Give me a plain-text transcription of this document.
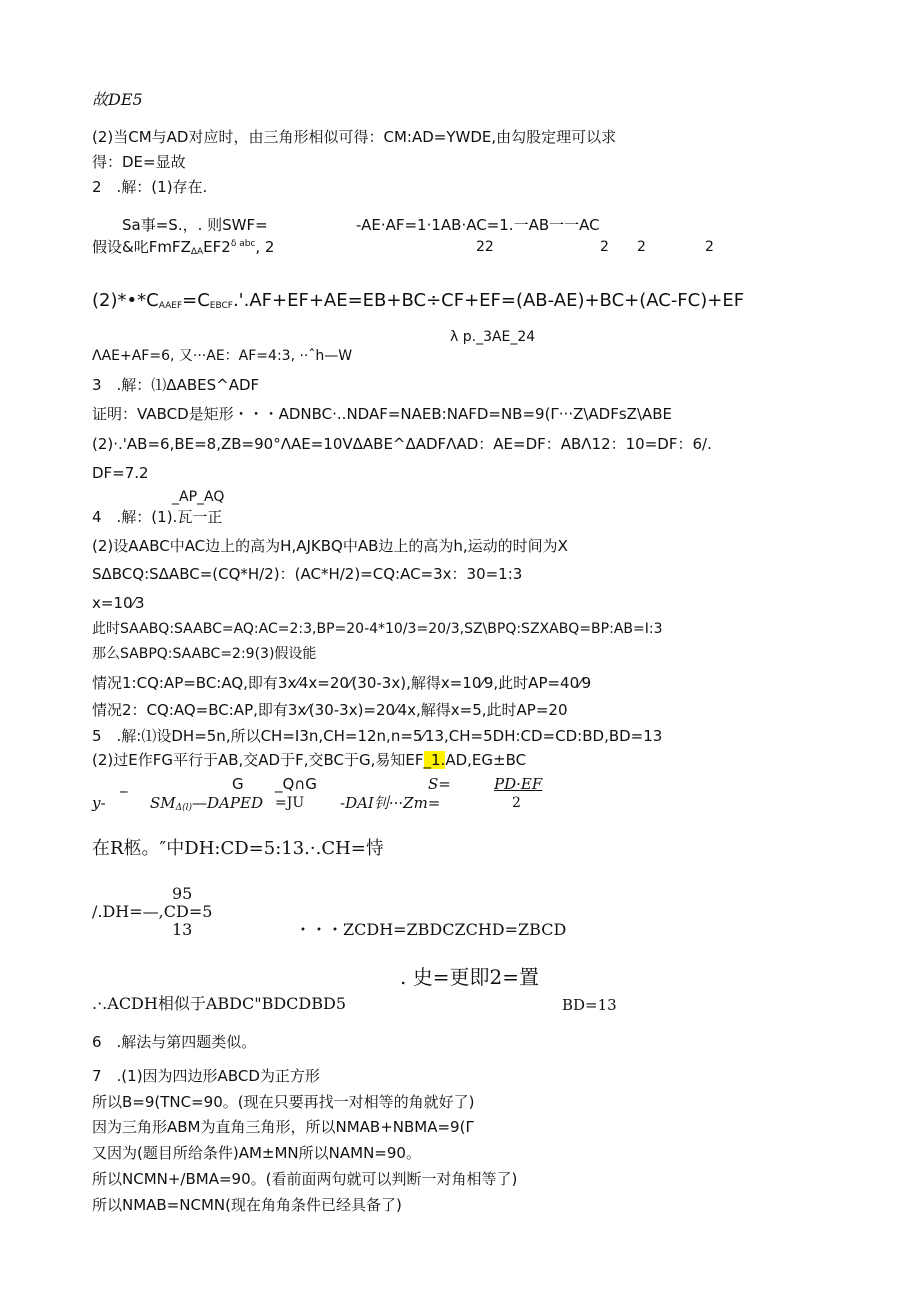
故DE5
(2)当CM与AD对应时，由三角形相似可得：CM:AD=YWDE,由勾股定理可以求
得：DE=显故
2　.解：(1)存在.
Sa事=S.，. 则SWF=	-AE·AF=1·1AB·AC=1.一AB一一AC
假设&叱$FmFZ_{\Delta A}EF2^{\delta abc}$, 2	22	2 2	2
$(2)*•*C_{AAEF}=C_{EBCF}.'.AF+EF+AE=EB+BC\div CF+EF=(AB-AE)+BC+(AC-FC)+EF$
λ p._3AE_24
ΛAE+AF=6, 又···AE：AF=4:3, ··ˆh—W
3　.解：⑴ΔABES^ADF
证明：VABCD是矩形・・・ADNBC·..NDAF=NAEB:NAFD=NB=9(Γ···Z\ADFsZ\ABE
(2)·.'AB=6,BE=8,ZB=90°ΛAE=10VΔABE^ΔADFΛAD：AE=DF：ABΛ12：10=DF：6/.
DF=7.2
_AP_AQ
4　.解：(1).瓦一正
(2)设AABC中AC边上的高为H,AJKBQ中AB边上的高为h,运动的时间为X
SΔBCQ:SΔABC=(CQ*H/2)：(AC*H/2)=CQ:AC=3x：30=1:3
x=10⁄3
此时SAABQ:SAABC=AQ:AC=2:3,BP=20-4*10/3=20/3,SZ\BPQ:SZXABQ=BP:AB=I:3
那么SABPQ:SAABC=2:9(3)假设能
情况1:CQ:AP=BC:AQ,即有3x⁄4x=20⁄(30-3x),解得x=10⁄9,此时AP=40⁄9
情况2：CQ:AQ=BC:AP,即有3x⁄(30-3x)=20⁄4x,解得x=5,此时AP=20
5　.解:⑴设DH=5n,所以CH=I3n,CH=12n,n=5⁄13,CH=5DH:CD=CD:BD,BD=13
(2)过E作FG平行于AB,交AD于F,交BC于G,易知EF_1.AD,EG±BC
_	G _Q∩G	S=	PD·EF
y-	$SM_{\Delta(l)}—DAPED =JU$ -DAI钊···Zm=	2
在R柩。″中DH:CD=5:13.·.CH=恃
95
/.DH=—,CD=5
13	・・・ZCDH=ZBDCZCHD=ZBCD
. 史=更即2=置
.·.ACDH相似于ABDC"BDCDBD5	BD=13
6　.解法与第四题类似。
7　.(1)因为四边形ABCD为正方形
所以B=9(TNC=90。(现在只要再找一对相等的角就好了)
因为三角形ABM为直角三角形，所以NMAB+NBMA=9(Γ
又因为(题目所给条件)AM±MN所以NAMN=90。
所以NCMN+/BMA=90。(看前面两句就可以判断一对角相等了)
所以NMAB=NCMN(现在角角条件已经具备了)
